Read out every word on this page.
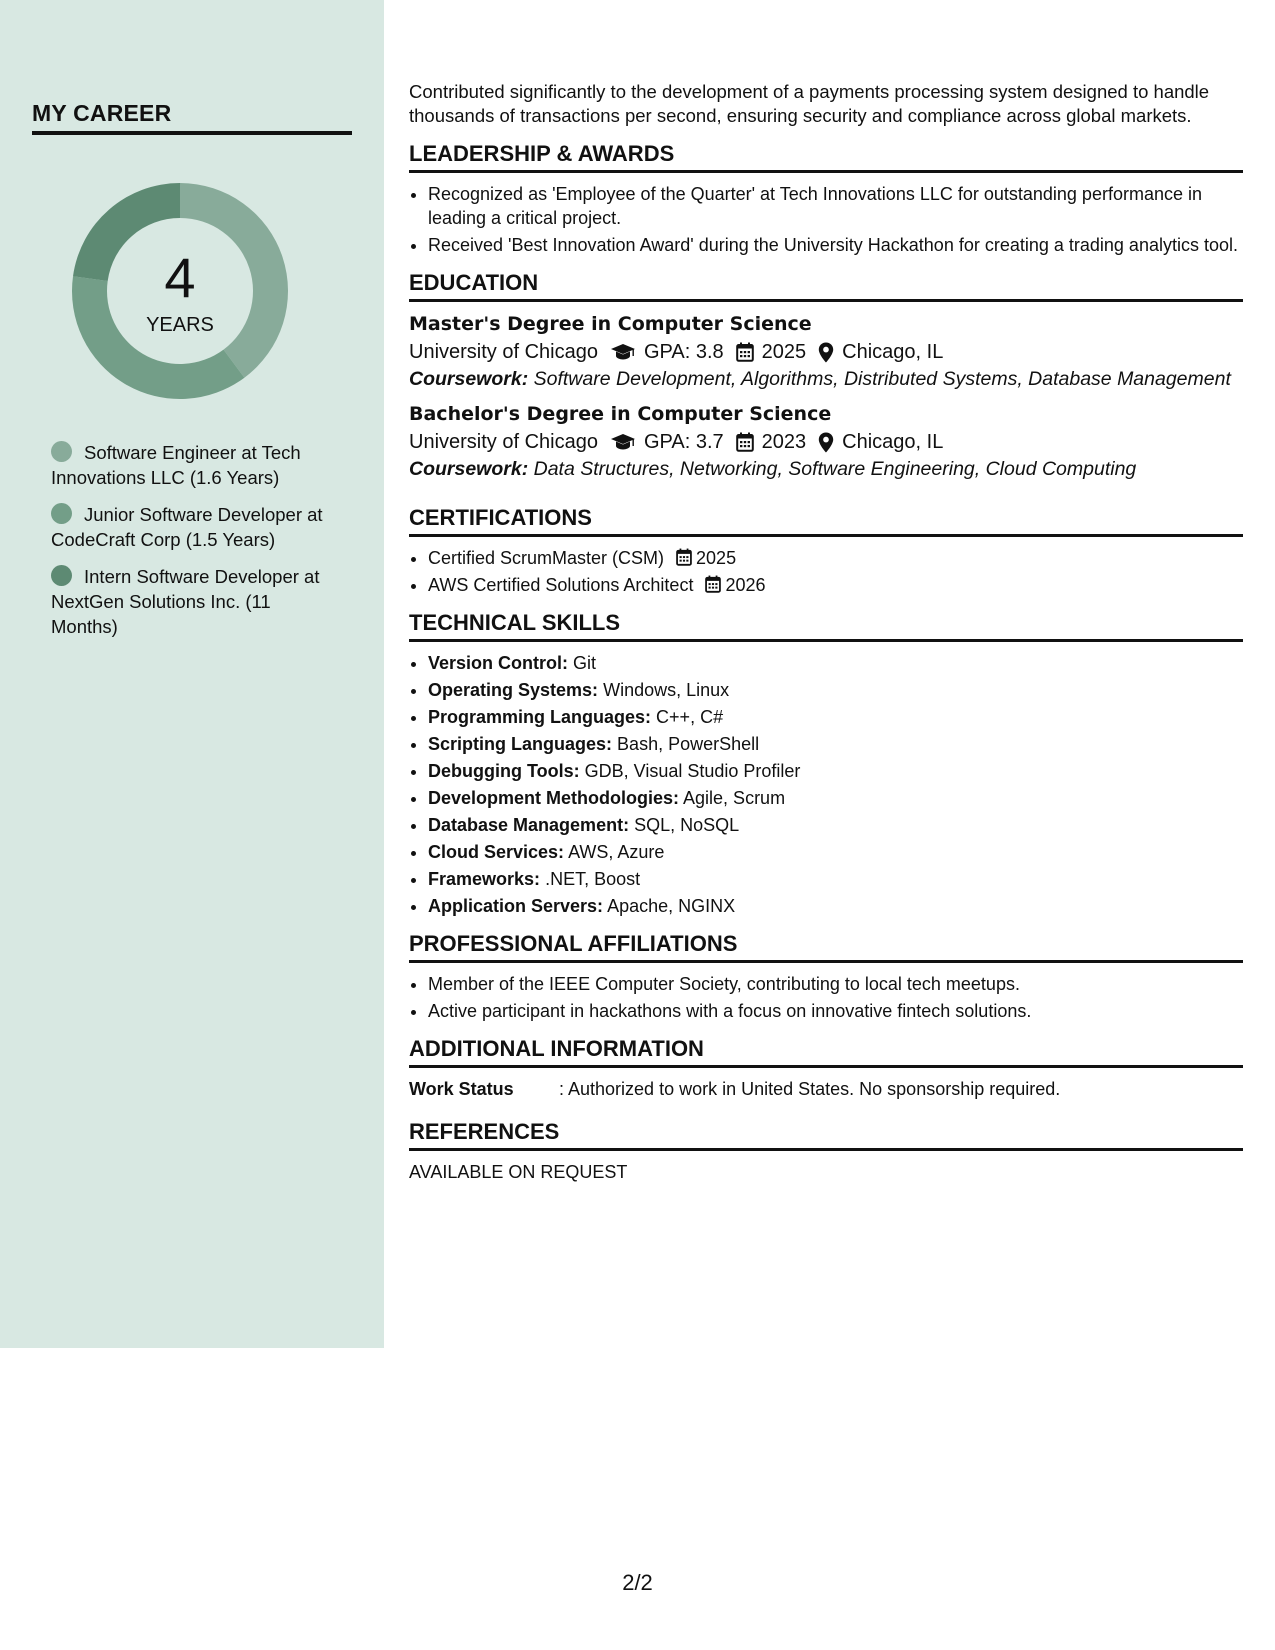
MY CAREER
4
YEARS
Software Engineer at Tech Innovations LLC (1.6 Years)
Junior Software Developer at CodeCraft Corp (1.5 Years)
Intern Software Developer at NextGen Solutions Inc. (11 Months)

Contributed significantly to the development of a payments processing system designed to handle thousands of transactions per second, ensuring security and compliance across global markets.

LEADERSHIP & AWARDS
• Recognized as 'Employee of the Quarter' at Tech Innovations LLC for outstanding performance in leading a critical project.
• Received 'Best Innovation Award' during the University Hackathon for creating a trading analytics tool.
EDUCATION
Master's Degree in Computer Science
University of Chicago GPA: 3.8 2025 Chicago, IL
Coursework: Software Development, Algorithms, Distributed Systems, Database Management
Bachelor's Degree in Computer Science
University of Chicago GPA: 3.7 2023 Chicago, IL
Coursework: Data Structures, Networking, Software Engineering, Cloud Computing
CERTIFICATIONS
• Certified ScrumMaster (CSM) 2025
• AWS Certified Solutions Architect 2026
TECHNICAL SKILLS
• Version Control: Git
• Operating Systems: Windows, Linux
• Programming Languages: C++, C#
• Scripting Languages: Bash, PowerShell
• Debugging Tools: GDB, Visual Studio Profiler
• Development Methodologies: Agile, Scrum
• Database Management: SQL, NoSQL
• Cloud Services: AWS, Azure
• Frameworks: .NET, Boost
• Application Servers: Apache, NGINX
PROFESSIONAL AFFILIATIONS
• Member of the IEEE Computer Society, contributing to local tech meetups.
• Active participant in hackathons with a focus on innovative fintech solutions.
ADDITIONAL INFORMATION
Work Status	: Authorized to work in United States. No sponsorship required.
REFERENCES
AVAILABLE ON REQUEST
2/2
